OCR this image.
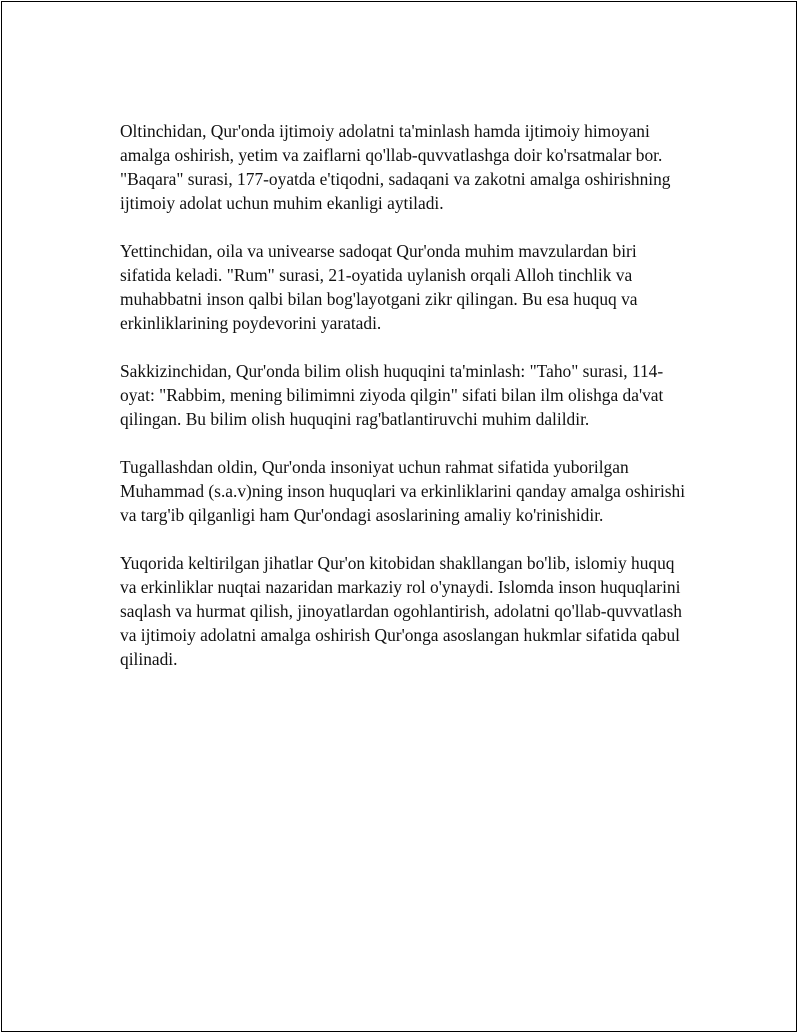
Oltinchidan, Qur'onda ijtimoiy adolatni ta'minlash hamda ijtimoiy himoyani amalga oshirish, yetim va zaiflarni qo'llab-quvvatlashga doir ko'rsatmalar bor. "Baqara" surasi, 177-oyatda e'tiqodni, sadaqani va zakotni amalga oshirishning ijtimoiy adolat uchun muhim ekanligi aytiladi.

Yettinchidan, oila va univearse sadoqat Qur'onda muhim mavzulardan biri sifatida keladi. "Rum" surasi, 21-oyatida uylanish orqali Alloh tinchlik va muhabbatni inson qalbi bilan bog'layotgani zikr qilingan. Bu esa huquq va erkinliklarining poydevorini yaratadi.

Sakkizinchidan, Qur'onda bilim olish huquqini ta'minlash: "Taho" surasi, 114-oyat: "Rabbim, mening bilimimni ziyoda qilgin" sifati bilan ilm olishga da'vat qilingan. Bu bilim olish huquqini rag'batlantiruvchi muhim dalildir.

Tugallashdan oldin, Qur'onda insoniyat uchun rahmat sifatida yuborilgan Muhammad (s.a.v)ning inson huquqlari va erkinliklarini qanday amalga oshirishi va targ'ib qilganligi ham Qur'ondagi asoslarining amaliy ko'rinishidir.

Yuqorida keltirilgan jihatlar Qur'on kitobidan shakllangan bo'lib, islomiy huquq va erkinliklar nuqtai nazaridan markaziy rol o'ynaydi. Islomda inson huquqlarini saqlash va hurmat qilish, jinoyatlardan ogohlantirish, adolatni qo'llab-quvvatlash va ijtimoiy adolatni amalga oshirish Qur'onga asoslangan hukmlar sifatida qabul qilinadi.
